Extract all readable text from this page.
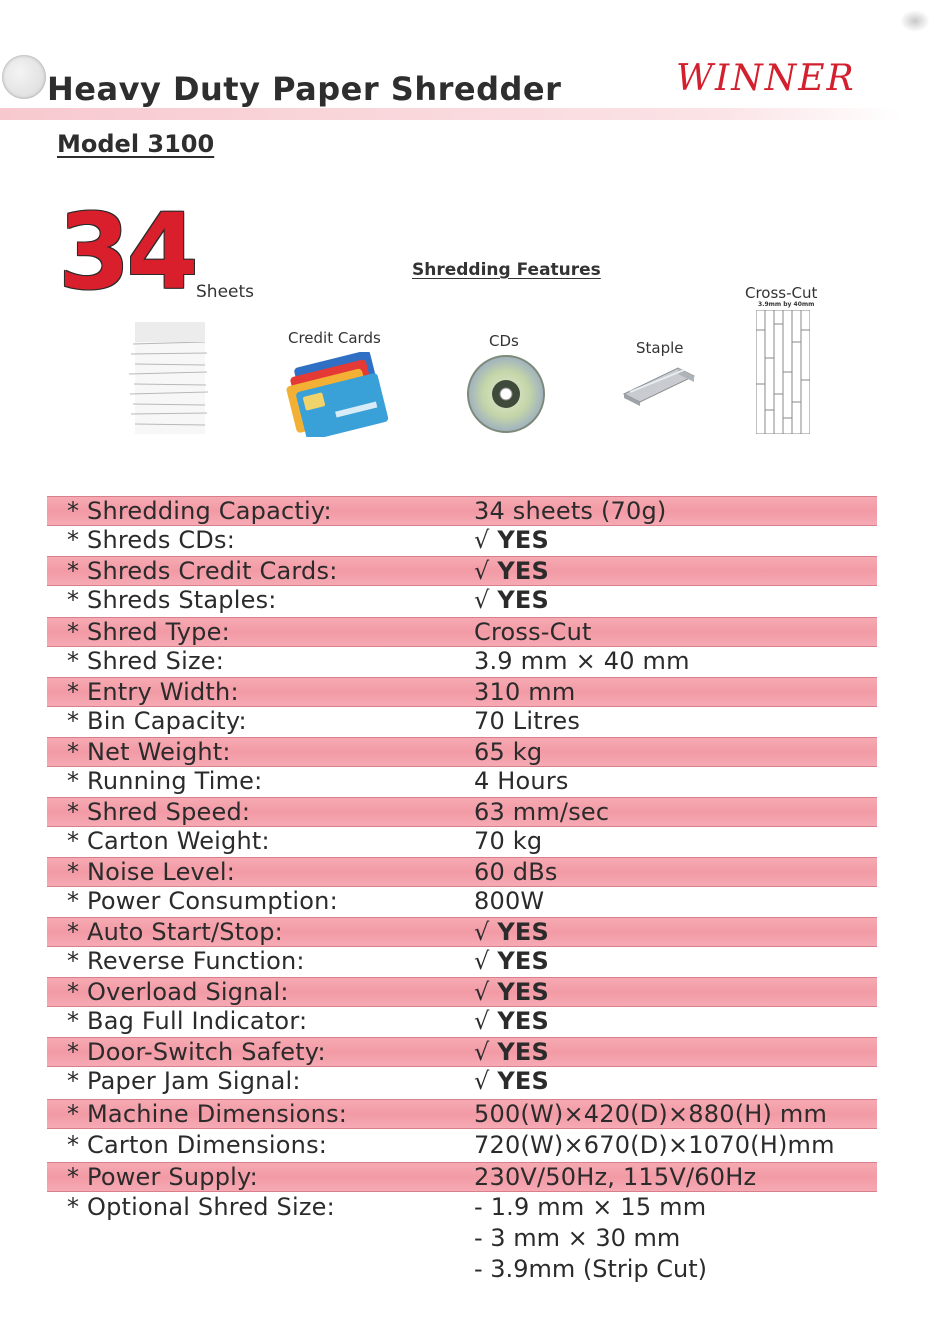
Heavy Duty Paper Shredder	WINNER
Model 3100
34 Sheets
Shredding Features
Credit Cards	CDs	Staple
Cross-Cut
3.9mm by 40mm
* Shredding Capactiy:	34 sheets (70g)
* Shreds CDs:	√ YES
* Shreds Credit Cards:	√ YES
* Shreds Staples:	√ YES
* Shred Type:	Cross-Cut
* Shred Size:	3.9 mm × 40 mm
* Entry Width:	310 mm
* Bin Capacity:	70 Litres
* Net Weight:	65 kg
* Running Time:	4 Hours
* Shred Speed:	63 mm/sec
* Carton Weight:	70 kg
* Noise Level:	60 dBs
* Power Consumption:	800W
* Auto Start/Stop:	√ YES
* Reverse Function:	√ YES
* Overload Signal:	√ YES
* Bag Full Indicator:	√ YES
* Door-Switch Safety:	√ YES
* Paper Jam Signal:	√ YES
* Machine Dimensions:	500(W)×420(D)×880(H) mm
* Carton Dimensions:	720(W)×670(D)×1070(H)mm
* Power Supply:	230V/50Hz, 115V/60Hz
* Optional Shred Size:	- 1.9 mm × 15 mm
- 3 mm × 30 mm
- 3.9mm (Strip Cut)
